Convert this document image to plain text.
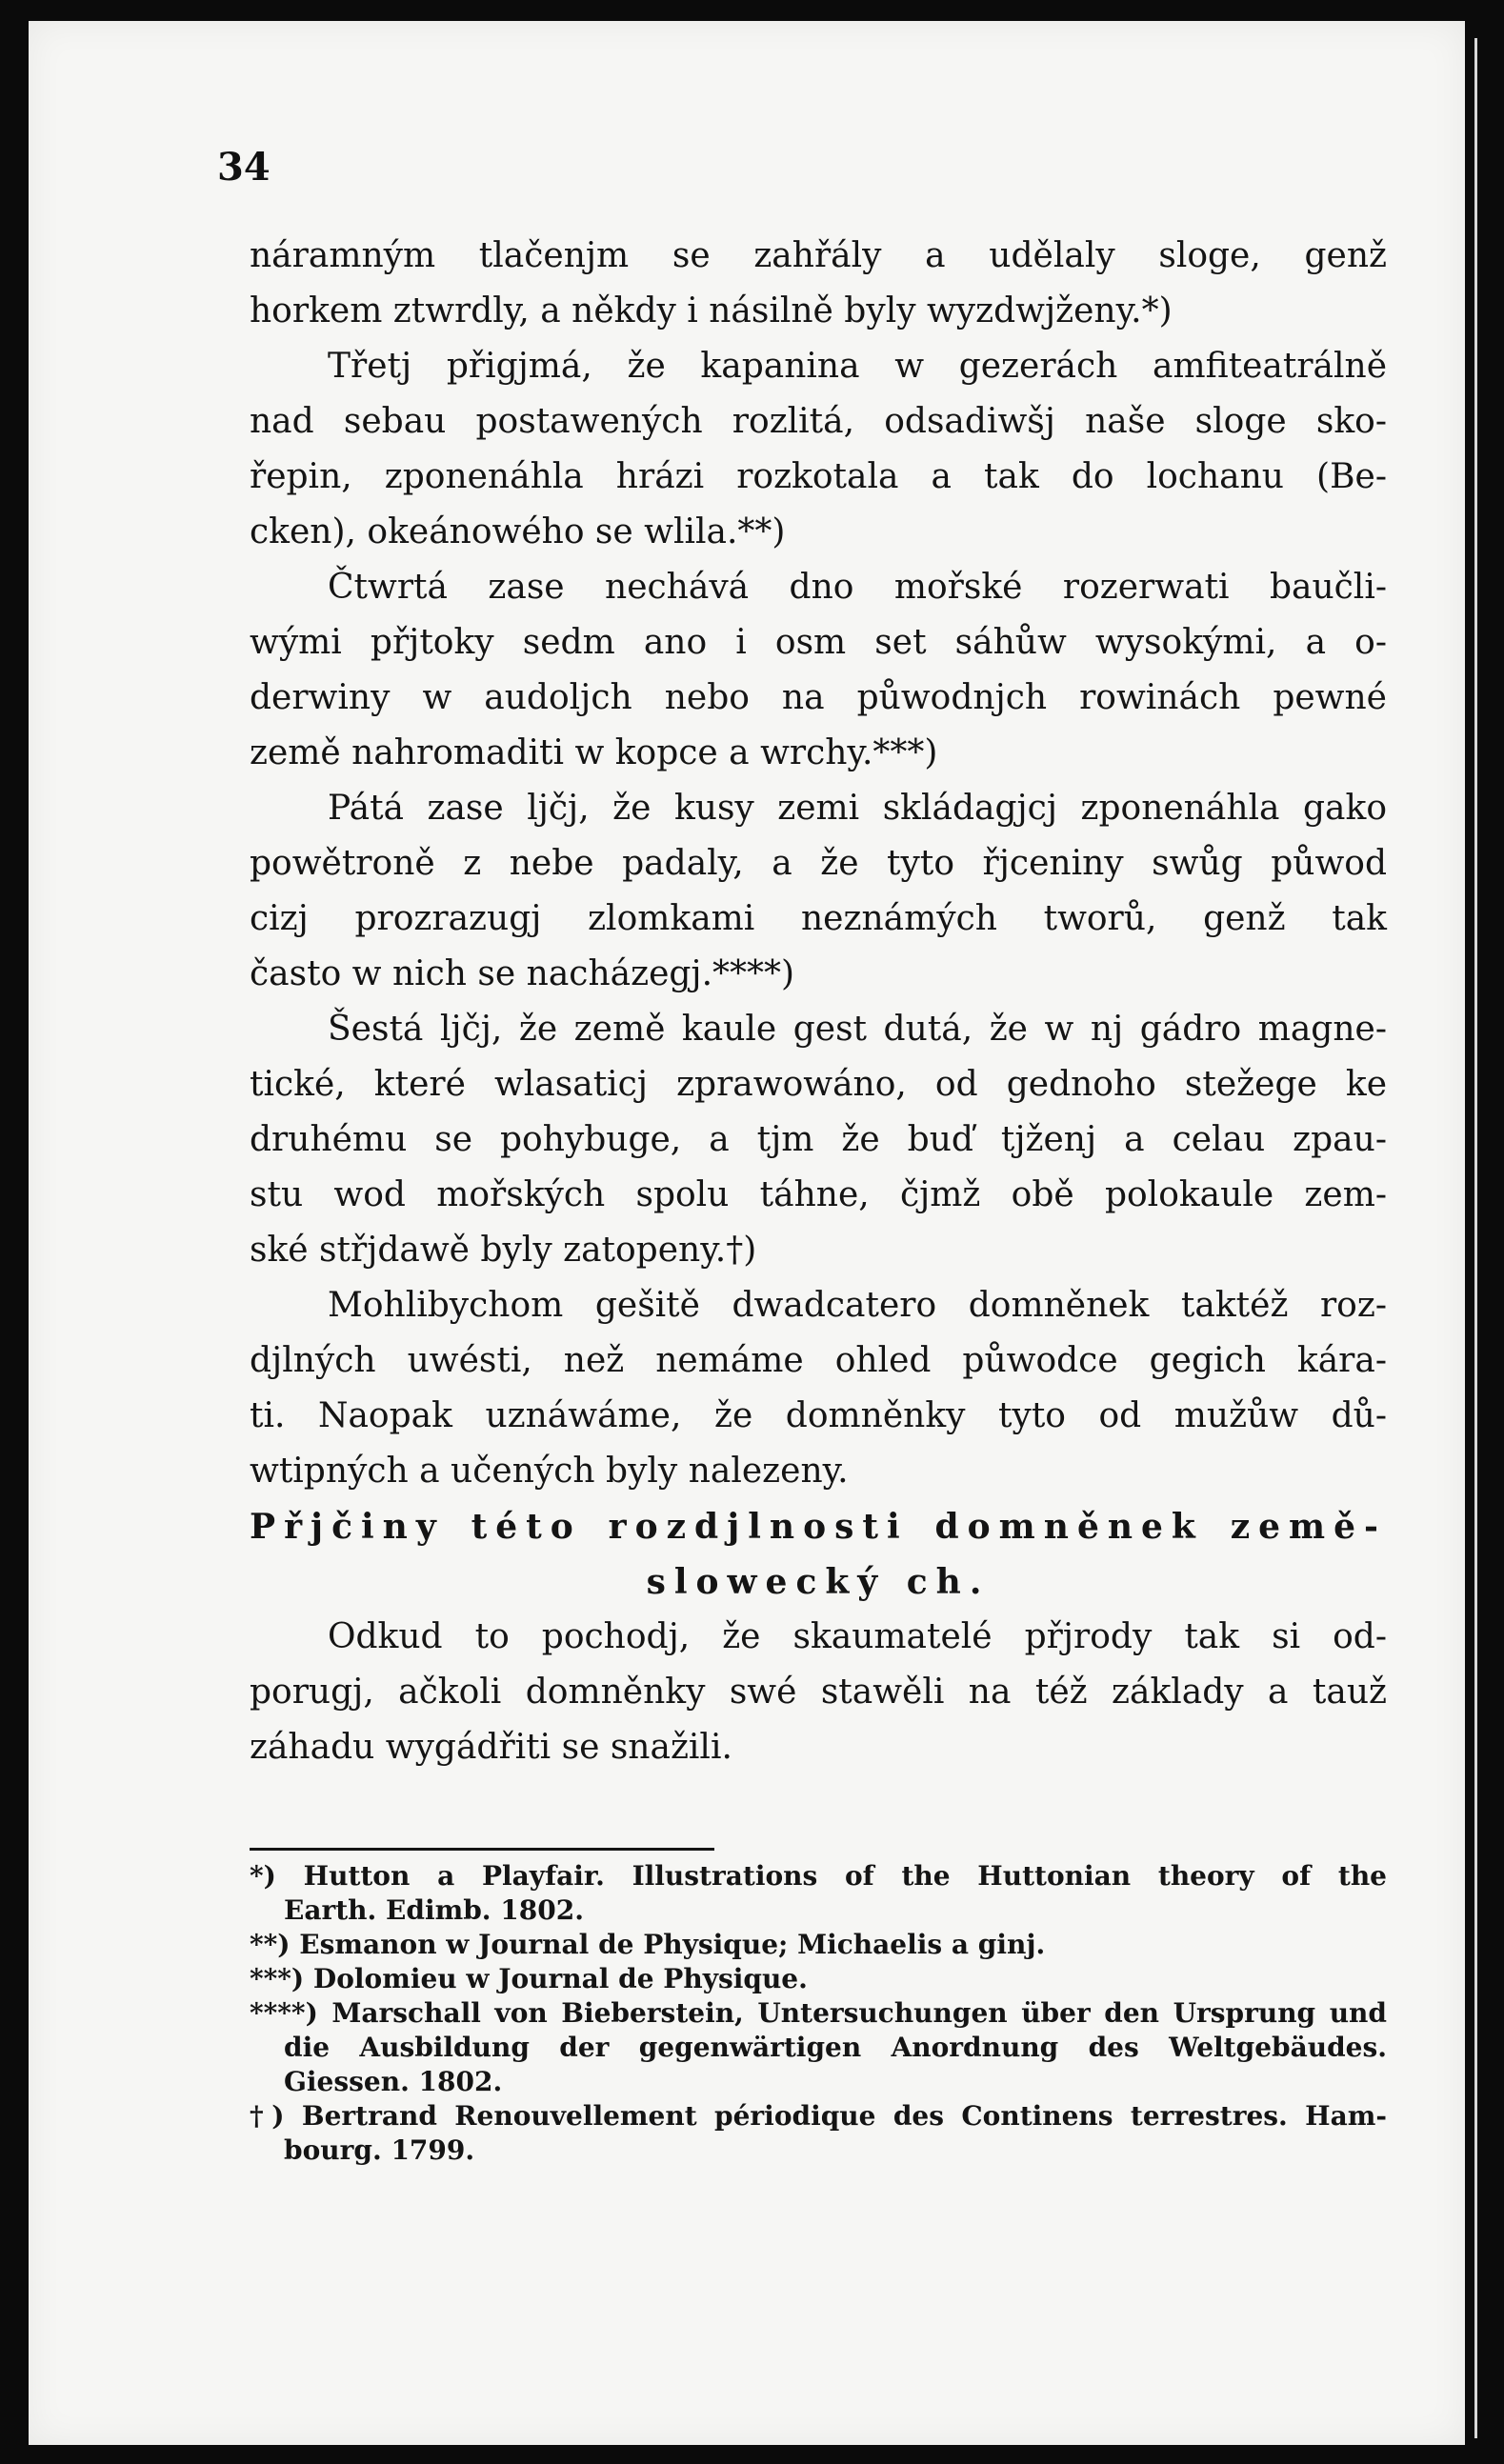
34
náramným tlačenjm se zahřály a udělaly sloge, genž
horkem ztwrdly, a někdy i násilně byly wyzdwjženy.*)
Třetj přigjmá, že kapanina w gezerách amfiteatrálně
nad sebau postawených rozlitá, odsadiwšj naše sloge sko-
řepin, zponenáhla hrázi rozkotala a tak do lochanu (Be-
cken), okeánowého se wlila.**)
Čtwrtá zase nechává dno mořské rozerwati baučli-
wými přjtoky sedm ano i osm set sáhůw wysokými, a o-
derwiny w audoljch nebo na půwodnjch rowinách pewné
země nahromaditi w kopce a wrchy.***)
Pátá zase ljčj, že kusy zemi skládagjcj zponenáhla gako
powětroně z nebe padaly, a že tyto řjceniny swůg půwod
cizj prozrazugj zlomkami neznámých tworů, genž tak
často w nich se nacházegj.****)
Šestá ljčj, že země kaule gest dutá, že w nj gádro magne-
tické, které wlasaticj zprawowáno, od gednoho stežege ke
druhému se pohybuge, a tjm že buď tjženj a celau zpau-
stu wod mořských spolu táhne, čjmž obě polokaule zem-
ské střjdawě byly zatopeny.†)
Mohlibychom gešitě dwadcatero domněnek taktéž roz-
djlných uwésti, než nemáme ohled půwodce gegich kára-
ti. Naopak uznáwáme, že domněnky tyto od mužůw dů-
wtipných a učených byly nalezeny.
Přjčiny této rozdjlnosti domněnek země-
slowecký ch.
Odkud to pochodj, že skaumatelé přjrody tak si od-
porugj, ačkoli domněnky swé stawěli na též základy a tauž
záhadu wygádřiti se snažili.
*) Hutton a Playfair. Illustrations of the Huttonian theory of the
Earth. Edimb. 1802.
**) Esmanon w Journal de Physique; Michaelis a ginj.
***) Dolomieu w Journal de Physique.
****) Marschall von Bieberstein, Untersuchungen über den Ursprung und
die Ausbildung der gegenwärtigen Anordnung des Weltgebäudes.
Giessen. 1802.
†) Bertrand Renouvellement périodique des Continens terrestres. Ham-
bourg. 1799.
